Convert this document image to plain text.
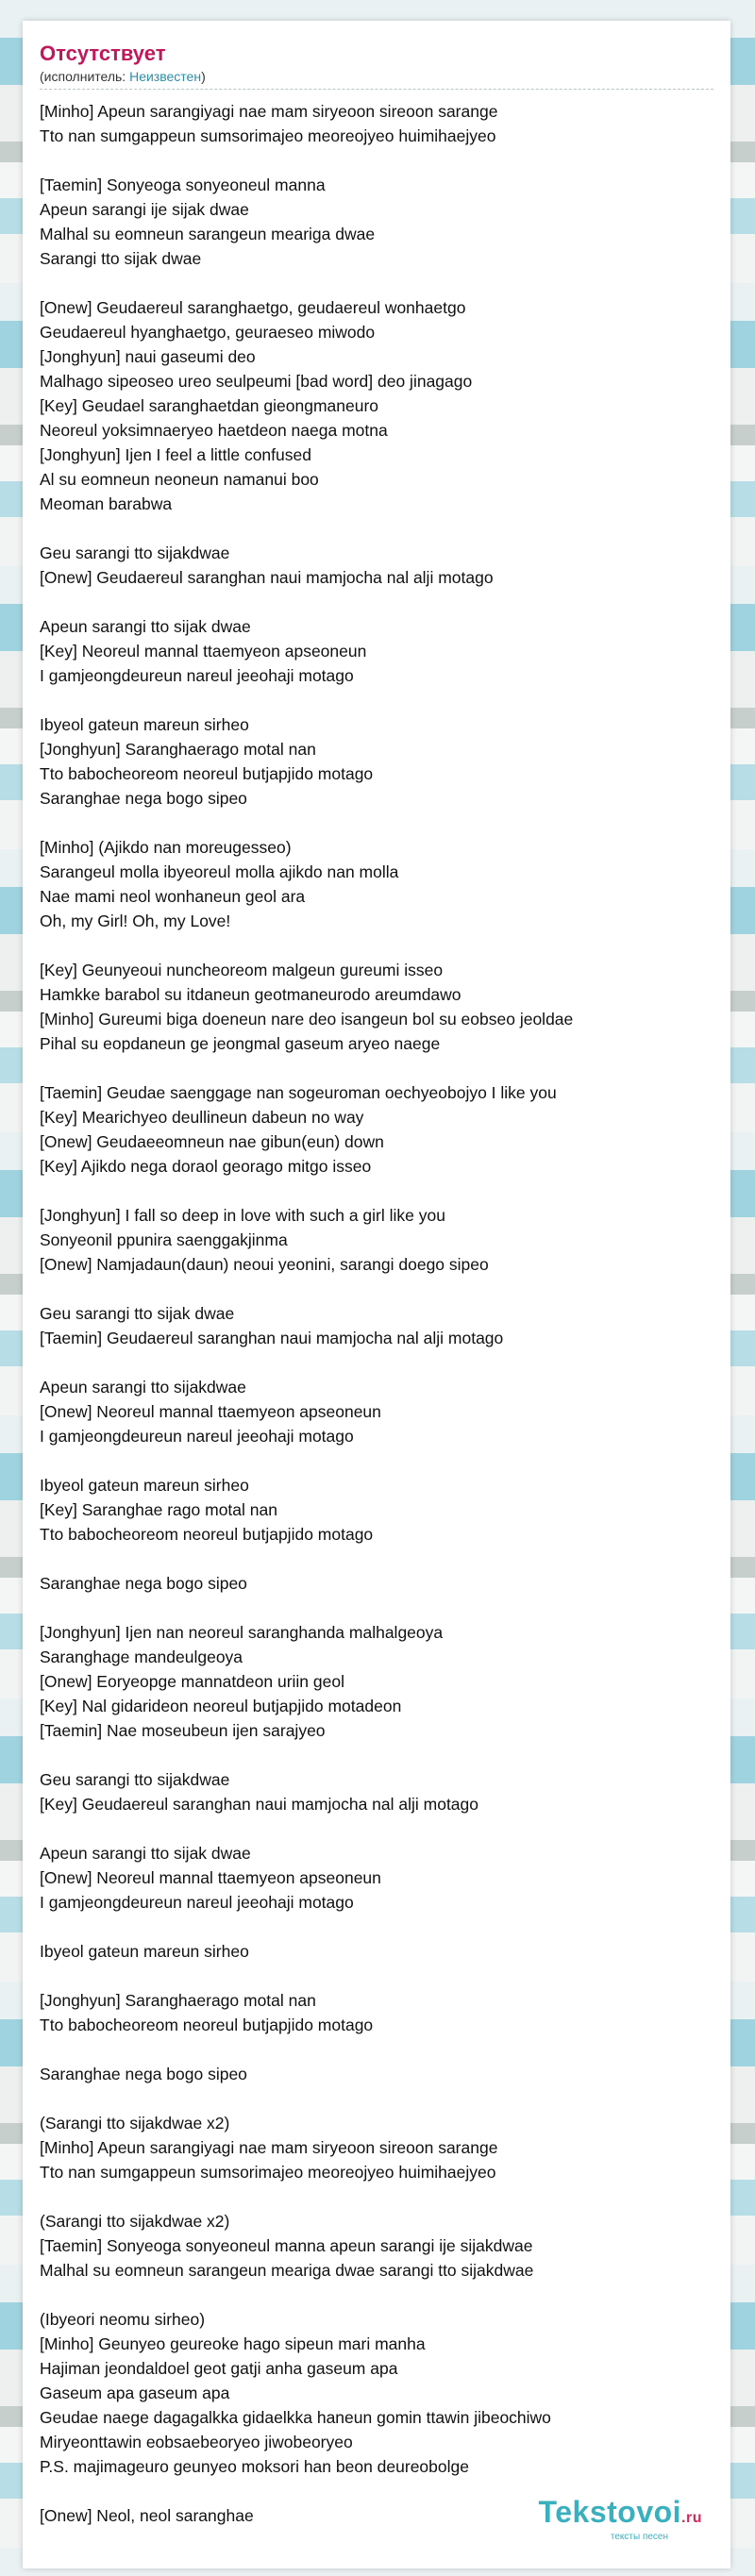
Отсутствует
(исполнитель: Неизвестен)
[Minho] Apeun sarangiyagi nae mam siryeoon sireoon sarange
Tto nan sumgappeun sumsorimajeo meoreojyeo huimihaejyeo
[Taemin] Sonyeoga sonyeoneul manna
Apeun sarangi ije sijak dwae
Malhal su eomneun sarangeun meariga dwae
Sarangi tto sijak dwae
[Onew] Geudaereul saranghaetgo, geudaereul wonhaetgo
Geudaereul hyanghaetgo, geuraeseo miwodo
[Jonghyun] naui gaseumi deo
Malhago sipeoseo ureo seulpeumi [bad word] deo jinagago
[Key] Geudael saranghaetdan gieongmaneuro
Neoreul yoksimnaeryeo haetdeon naega motna
[Jonghyun] Ijen I feel a little confused
Al su eomneun neoneun namanui boo
Meoman barabwa
Geu sarangi tto sijakdwae
[Onew] Geudaereul saranghan naui mamjocha nal alji motago
Apeun sarangi tto sijak dwae
[Key] Neoreul mannal ttaemyeon apseoneun
I gamjeongdeureun nareul jeeohaji motago
Ibyeol gateun mareun sirheo
[Jonghyun] Saranghaerago motal nan
Tto babocheoreom neoreul butjapjido motago
Saranghae nega bogo sipeo
[Minho] (Ajikdo nan moreugesseo)
Sarangeul molla ibyeoreul molla ajikdo nan molla
Nae mami neol wonhaneun geol ara
Oh, my Girl! Oh, my Love!
[Key] Geunyeoui nuncheoreom malgeun gureumi isseo
Hamkke barabol su itdaneun geotmaneurodo areumdawo
[Minho] Gureumi biga doeneun nare deo isangeun bol su eobseo jeoldae
Pihal su eopdaneun ge jeongmal gaseum aryeo naege
[Taemin] Geudae saenggage nan sogeuroman oechyeobojyo I like you
[Key] Mearichyeo deullineun dabeun no way
[Onew] Geudaeeomneun nae gibun(eun) down
[Key] Ajikdo nega doraol georago mitgo isseo
[Jonghyun] I fall so deep in love with such a girl like you
Sonyeonil ppunira saenggakjinma
[Onew] Namjadaun(daun) neoui yeonini, sarangi doego sipeo
Geu sarangi tto sijak dwae
[Taemin] Geudaereul saranghan naui mamjocha nal alji motago
Apeun sarangi tto sijakdwae
[Onew] Neoreul mannal ttaemyeon apseoneun
I gamjeongdeureun nareul jeeohaji motago
Ibyeol gateun mareun sirheo
[Key] Saranghae rago motal nan
Tto babocheoreom neoreul butjapjido motago
Saranghae nega bogo sipeo
[Jonghyun] Ijen nan neoreul saranghanda malhalgeoya
Saranghage mandeulgeoya
[Onew] Eoryeopge mannatdeon uriin geol
[Key] Nal gidarideon neoreul butjapjido motadeon
[Taemin] Nae moseubeun ijen sarajyeo
Geu sarangi tto sijakdwae
[Key] Geudaereul saranghan naui mamjocha nal alji motago
Apeun sarangi tto sijak dwae
[Onew] Neoreul mannal ttaemyeon apseoneun
I gamjeongdeureun nareul jeeohaji motago
Ibyeol gateun mareun sirheo
[Jonghyun] Saranghaerago motal nan
Tto babocheoreom neoreul butjapjido motago
Saranghae nega bogo sipeo
(Sarangi tto sijakdwae x2)
[Minho] Apeun sarangiyagi nae mam siryeoon sireoon sarange
Tto nan sumgappeun sumsorimajeo meoreojyeo huimihaejyeo
(Sarangi tto sijakdwae x2)
[Taemin] Sonyeoga sonyeoneul manna apeun sarangi ije sijakdwae
Malhal su eomneun sarangeun meariga dwae sarangi tto sijakdwae
(Ibyeori neomu sirheo)
[Minho] Geunyeo geureoke hago sipeun mari manha
Hajiman jeondaldoel geot gatji anha gaseum apa
Gaseum apa gaseum apa
Geudae naege dagagalkka gidaelkka haneun gomin ttawin jibeochiwo
Miryeonttawin eobsaebeoryeo jiwobeoryeo
P.S. majimageuro geunyeo moksori han beon deureobolge
[Onew] Neol, neol saranghae	Tekstovoi.ru
тексты песен
